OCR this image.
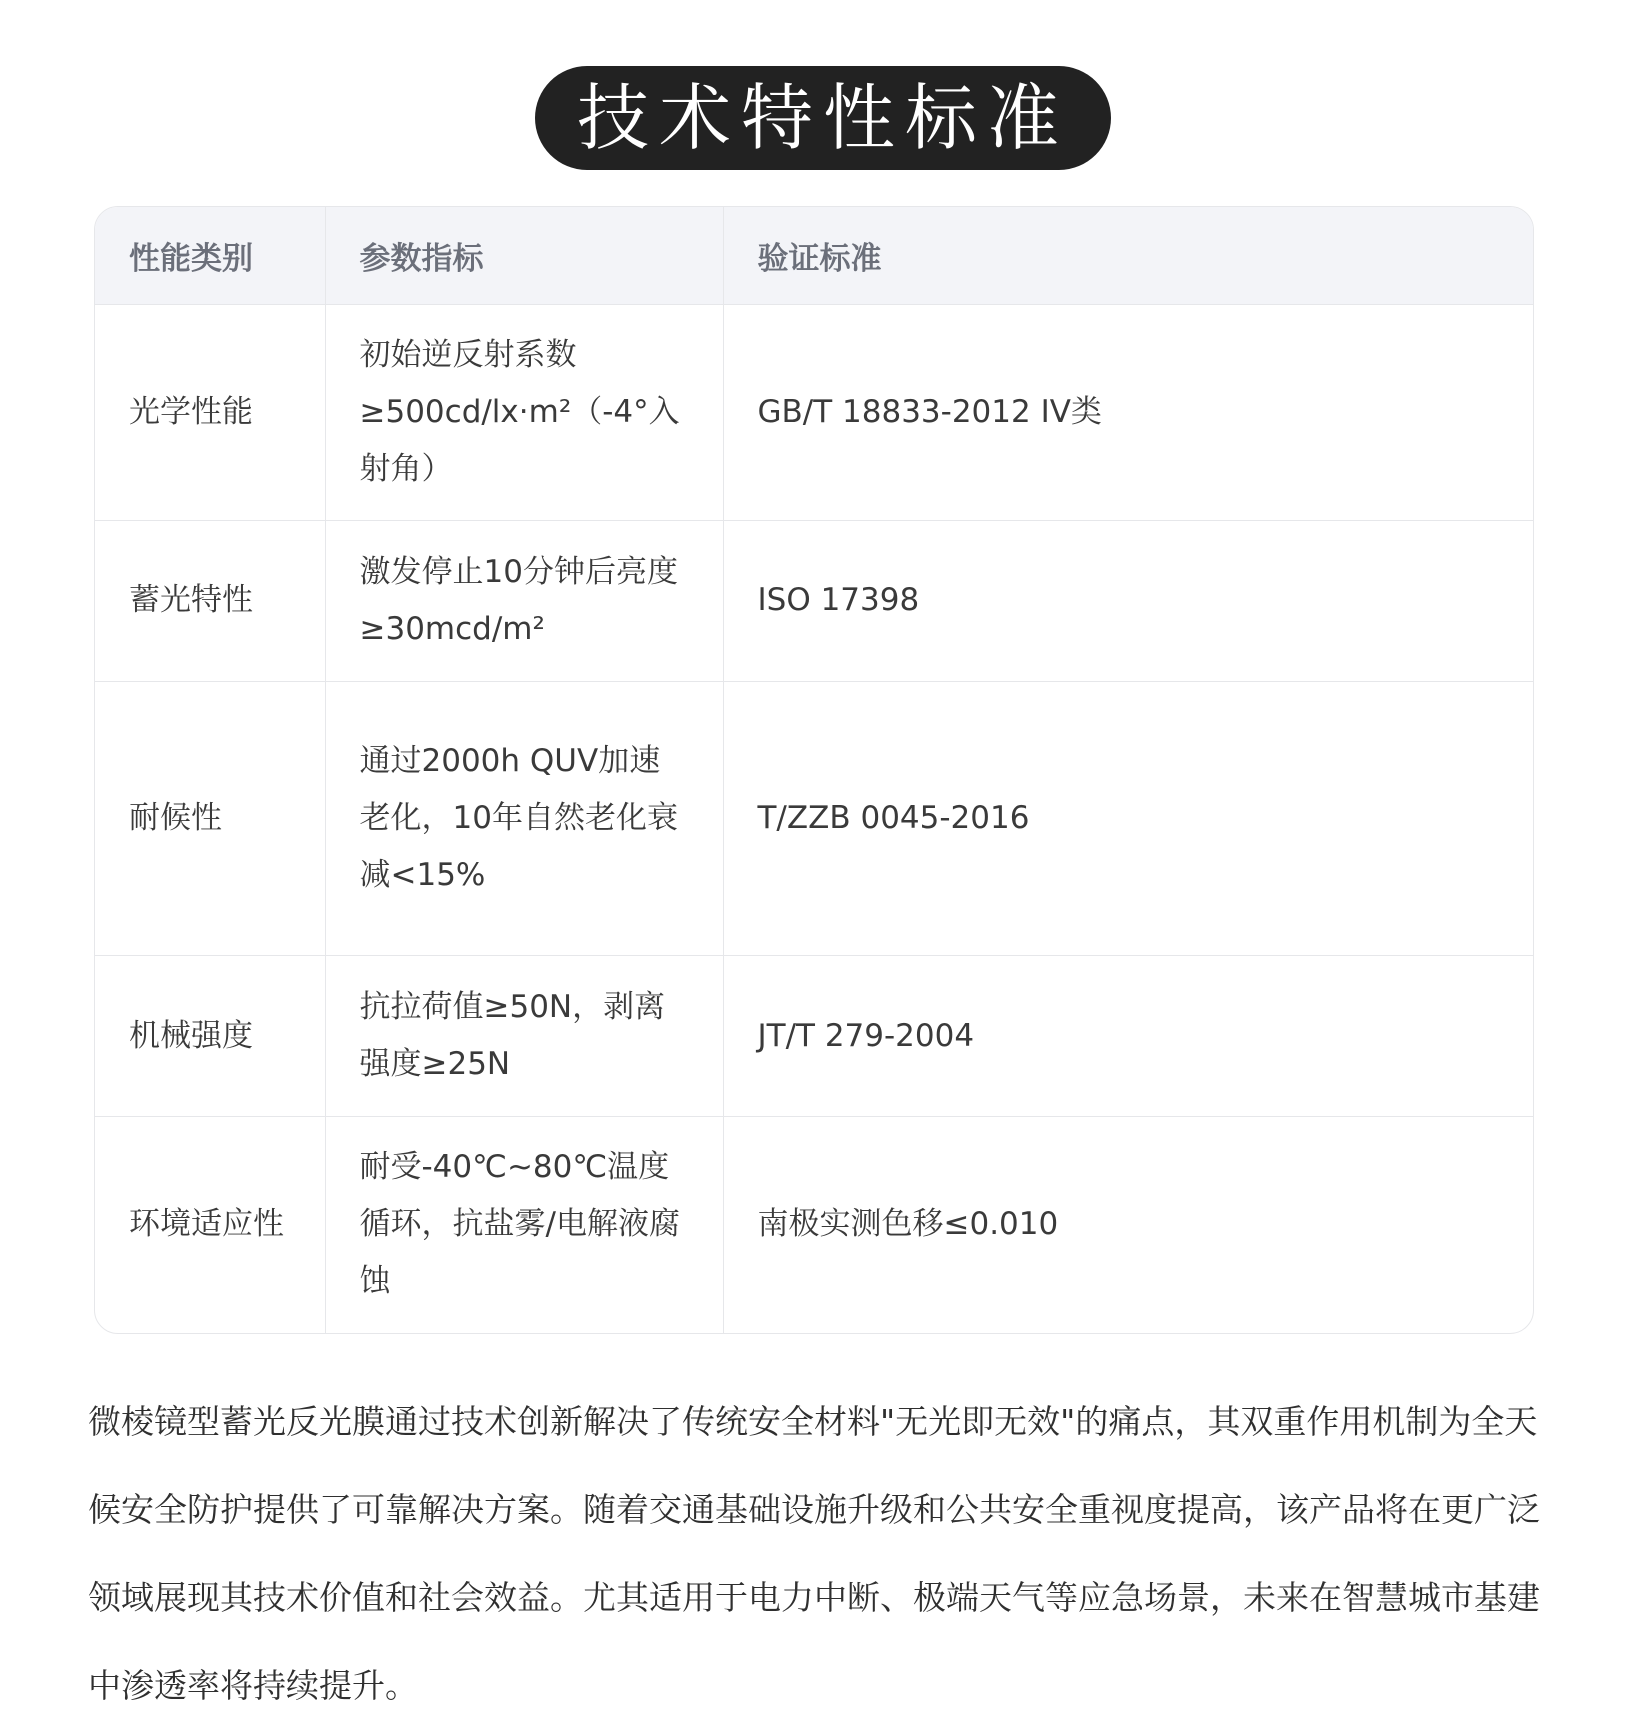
技术特性标准
性能类别	参数指标	验证标准
光学性能	初始逆反射系数≥500cd/lx·m²（-4°入射角）	GB/T 18833-2012 IV类
蓄光特性	激发停止10分钟后亮度≥30mcd/m²	ISO 17398
耐候性	通过2000h QUV加速老化，10年自然老化衰减<15%	T/ZZB 0045-2016
机械强度	抗拉荷值≥50N，剥离强度≥25N	JT/T 279-2004
环境适应性	耐受-40℃~80℃温度循环，抗盐雾/电解液腐蚀	南极实测色移≤0.010

微棱镜型蓄光反光膜通过技术创新解决了传统安全材料"无光即无效"的痛点，其双重作用机制为全天候安全防护提供了可靠解决方案。随着交通基础设施升级和公共安全重视度提高，该产品将在更广泛领域展现其技术价值和社会效益。尤其适用于电力中断、极端天气等应急场景，未来在智慧城市基建中渗透率将持续提升。
